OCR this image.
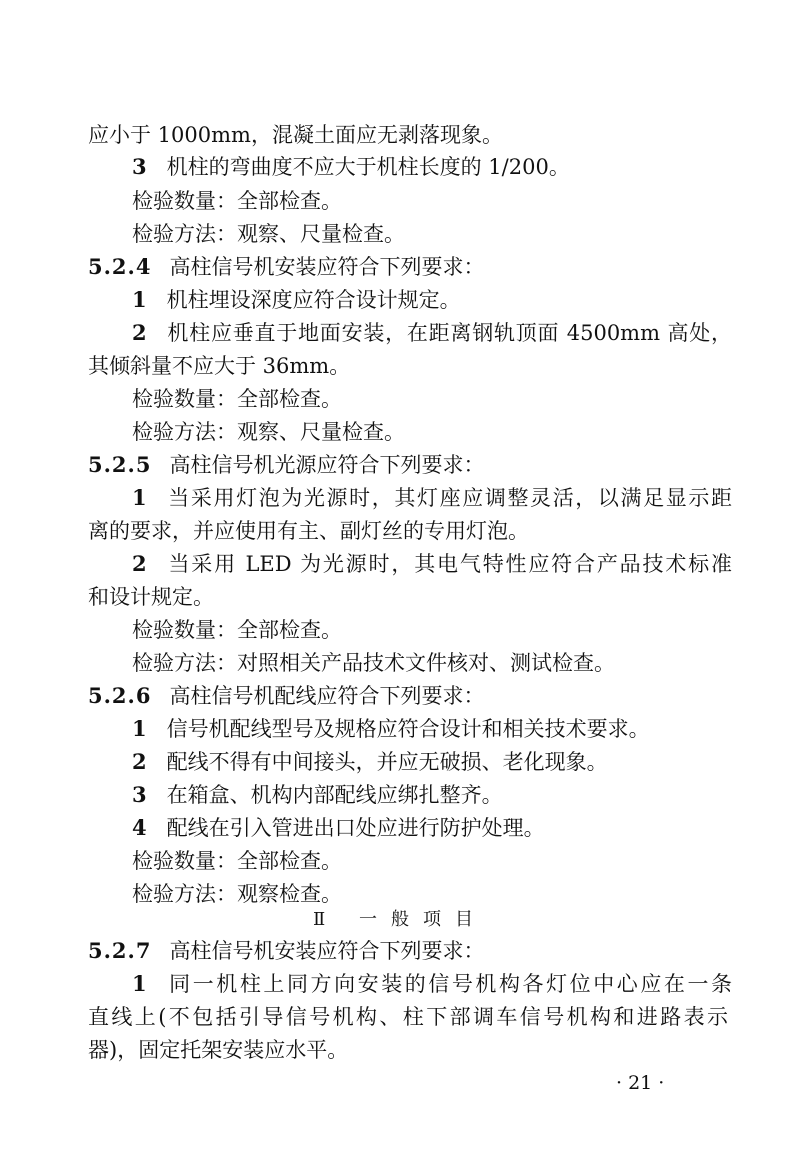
应小于 1000mm，混凝土面应无剥落现象。
3 机柱的弯曲度不应大于机柱长度的 1/200。
检验数量：全部检查。
检验方法：观察、尺量检查。
5.2.4 高柱信号机安装应符合下列要求：
1 机柱埋设深度应符合设计规定。
2 机柱应垂直于地面安装，在距离钢轨顶面 4500mm 高处，
其倾斜量不应大于 36mm。
检验数量：全部检查。
检验方法：观察、尺量检查。
5.2.5 高柱信号机光源应符合下列要求：
1 当采用灯泡为光源时，其灯座应调整灵活，以满足显示距
离的要求，并应使用有主、副灯丝的专用灯泡。
2 当采用 LED 为光源时，其电气特性应符合产品技术标准
和设计规定。
检验数量：全部检查。
检验方法：对照相关产品技术文件核对、测试检查。
5.2.6 高柱信号机配线应符合下列要求：
1 信号机配线型号及规格应符合设计和相关技术要求。
2 配线不得有中间接头，并应无破损、老化现象。
3 在箱盒、机构内部配线应绑扎整齐。
4 配线在引入管进出口处应进行防护处理。
检验数量：全部检查。
检验方法：观察检查。
Ⅱ 一般项目
5.2.7 高柱信号机安装应符合下列要求：
1 同一机柱上同方向安装的信号机构各灯位中心应在一条
直线上(不包括引导信号机构、柱下部调车信号机构和进路表示
器)，固定托架安装应水平。
· 21 ·
